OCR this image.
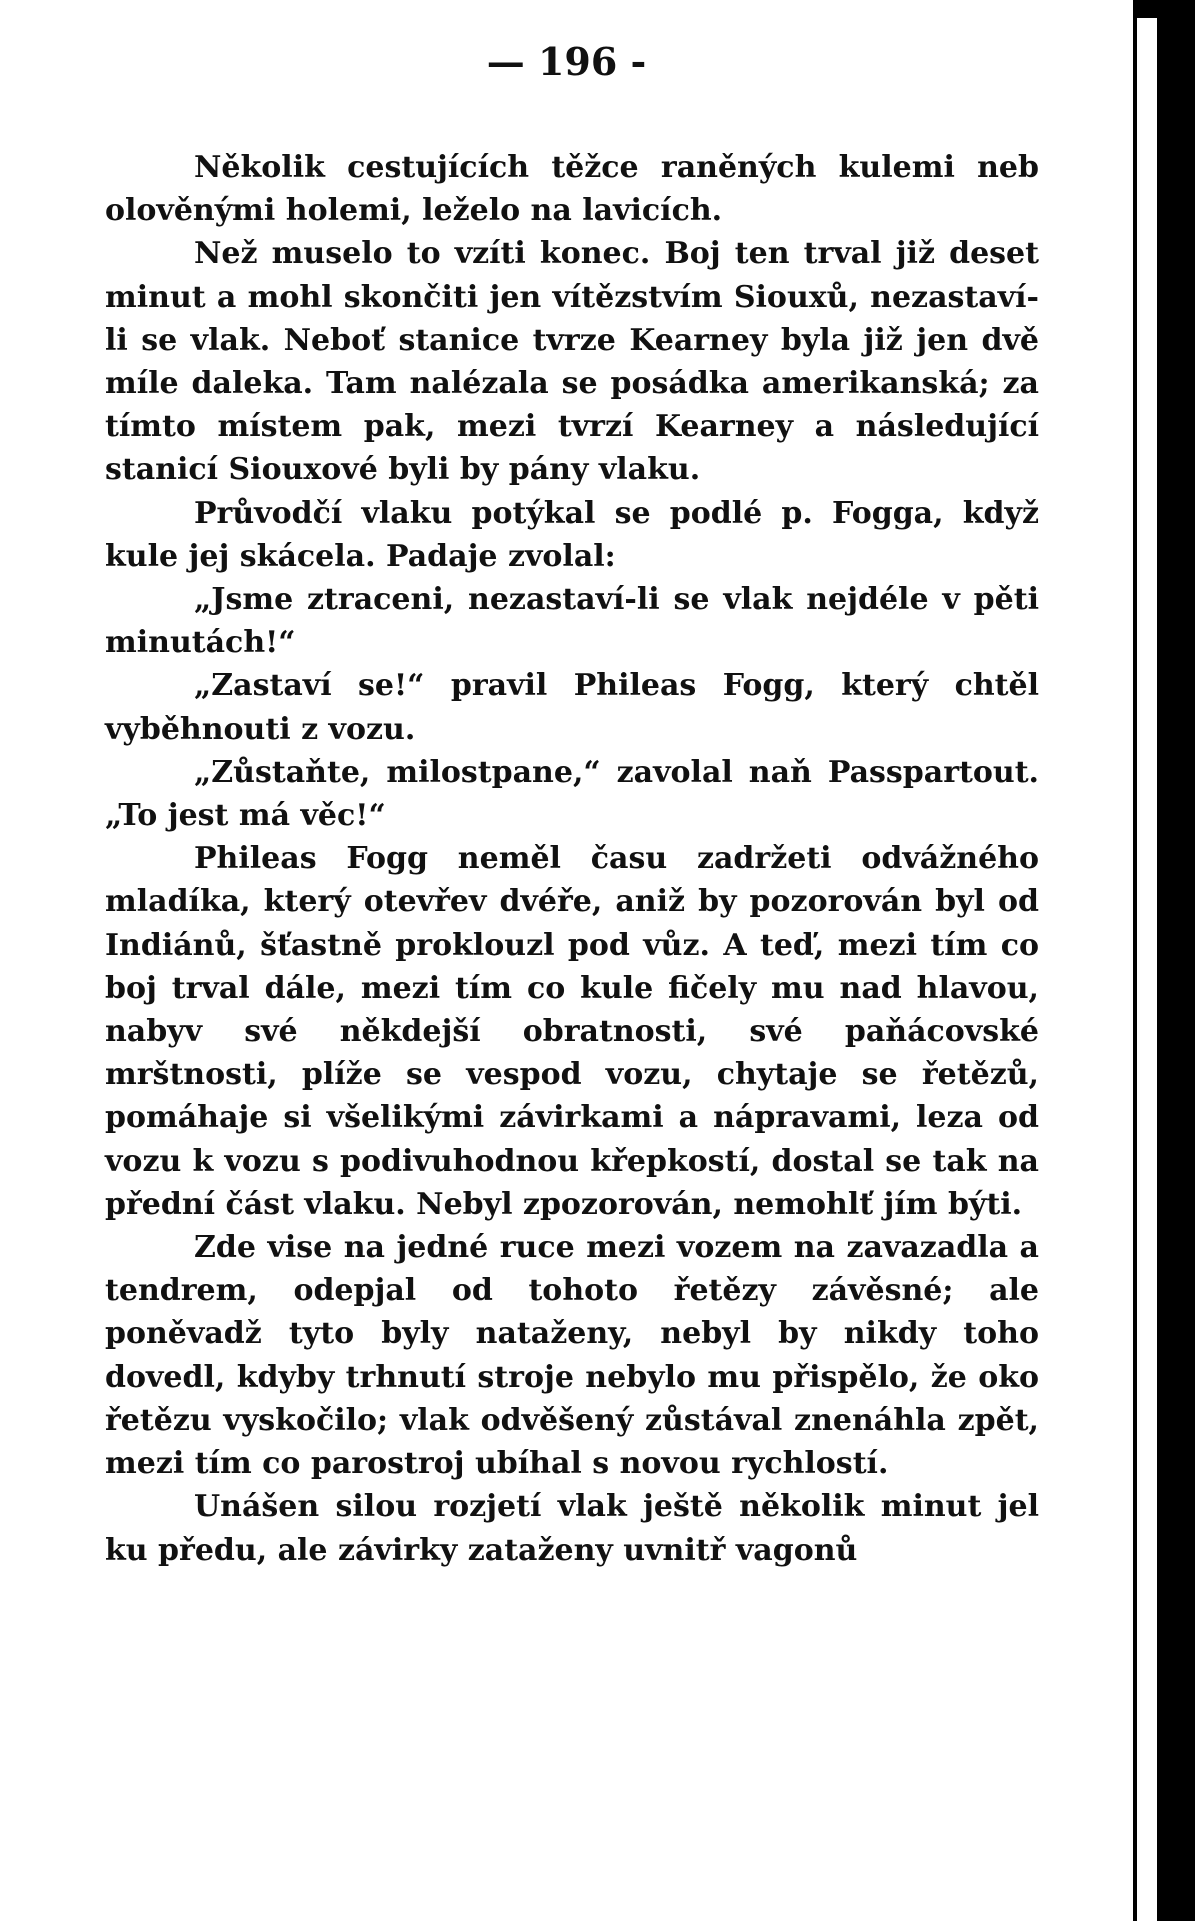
— 196 -

Několik cestujících těžce raněných kulemi neb olověnými holemi, leželo na lavicích.

Než muselo to vzíti konec. Boj ten trval již deset minut a mohl skončiti jen vítězstvím Siouxů, nezastaví-li se vlak. Neboť stanice tvrze Kearney byla již jen dvě míle daleka. Tam nalézala se posádka amerikanská; za tímto místem pak, mezi tvrzí Kearney a následující stanicí Siouxové byli by pány vlaku.

Průvodčí vlaku potýkal se podlé p. Fogga, když kule jej skácela. Padaje zvolal:

„Jsme ztraceni, nezastaví-li se vlak nejdéle v pěti minutách!“

„Zastaví se!“ pravil Phileas Fogg, který chtěl vyběhnouti z vozu.

„Zůstaňte, milostpane,“ zavolal naň Passpartout. „To jest má věc!“

Phileas Fogg neměl času zadržeti odvážného mladíka, který otevřev dvéře, aniž by pozorován byl od Indiánů, šťastně proklouzl pod vůz. A teď, mezi tím co boj trval dále, mezi tím co kule fičely mu nad hlavou, nabyv své někdejší obratnosti, své paňácovské mrštnosti, plíže se vespod vozu, chytaje se řetězů, pomáhaje si všelikými závirkami a nápravami, leza od vozu k vozu s podivuhodnou křepkostí, dostal se tak na přední část vlaku. Nebyl zpozorován, nemohlť jím býti.

Zde vise na jedné ruce mezi vozem na zavazadla a tendrem, odepjal od tohoto řetězy závěsné; ale poněvadž tyto byly nataženy, nebyl by nikdy toho dovedl, kdyby trhnutí stroje nebylo mu přispělo, že oko řetězu vyskočilo; vlak odvěšený zůstával znenáhla zpět, mezi tím co parostroj ubíhal s novou rychlostí.

Unášen silou rozjetí vlak ještě několik minut jel ku předu, ale závirky zataženy uvnitř vagonů
